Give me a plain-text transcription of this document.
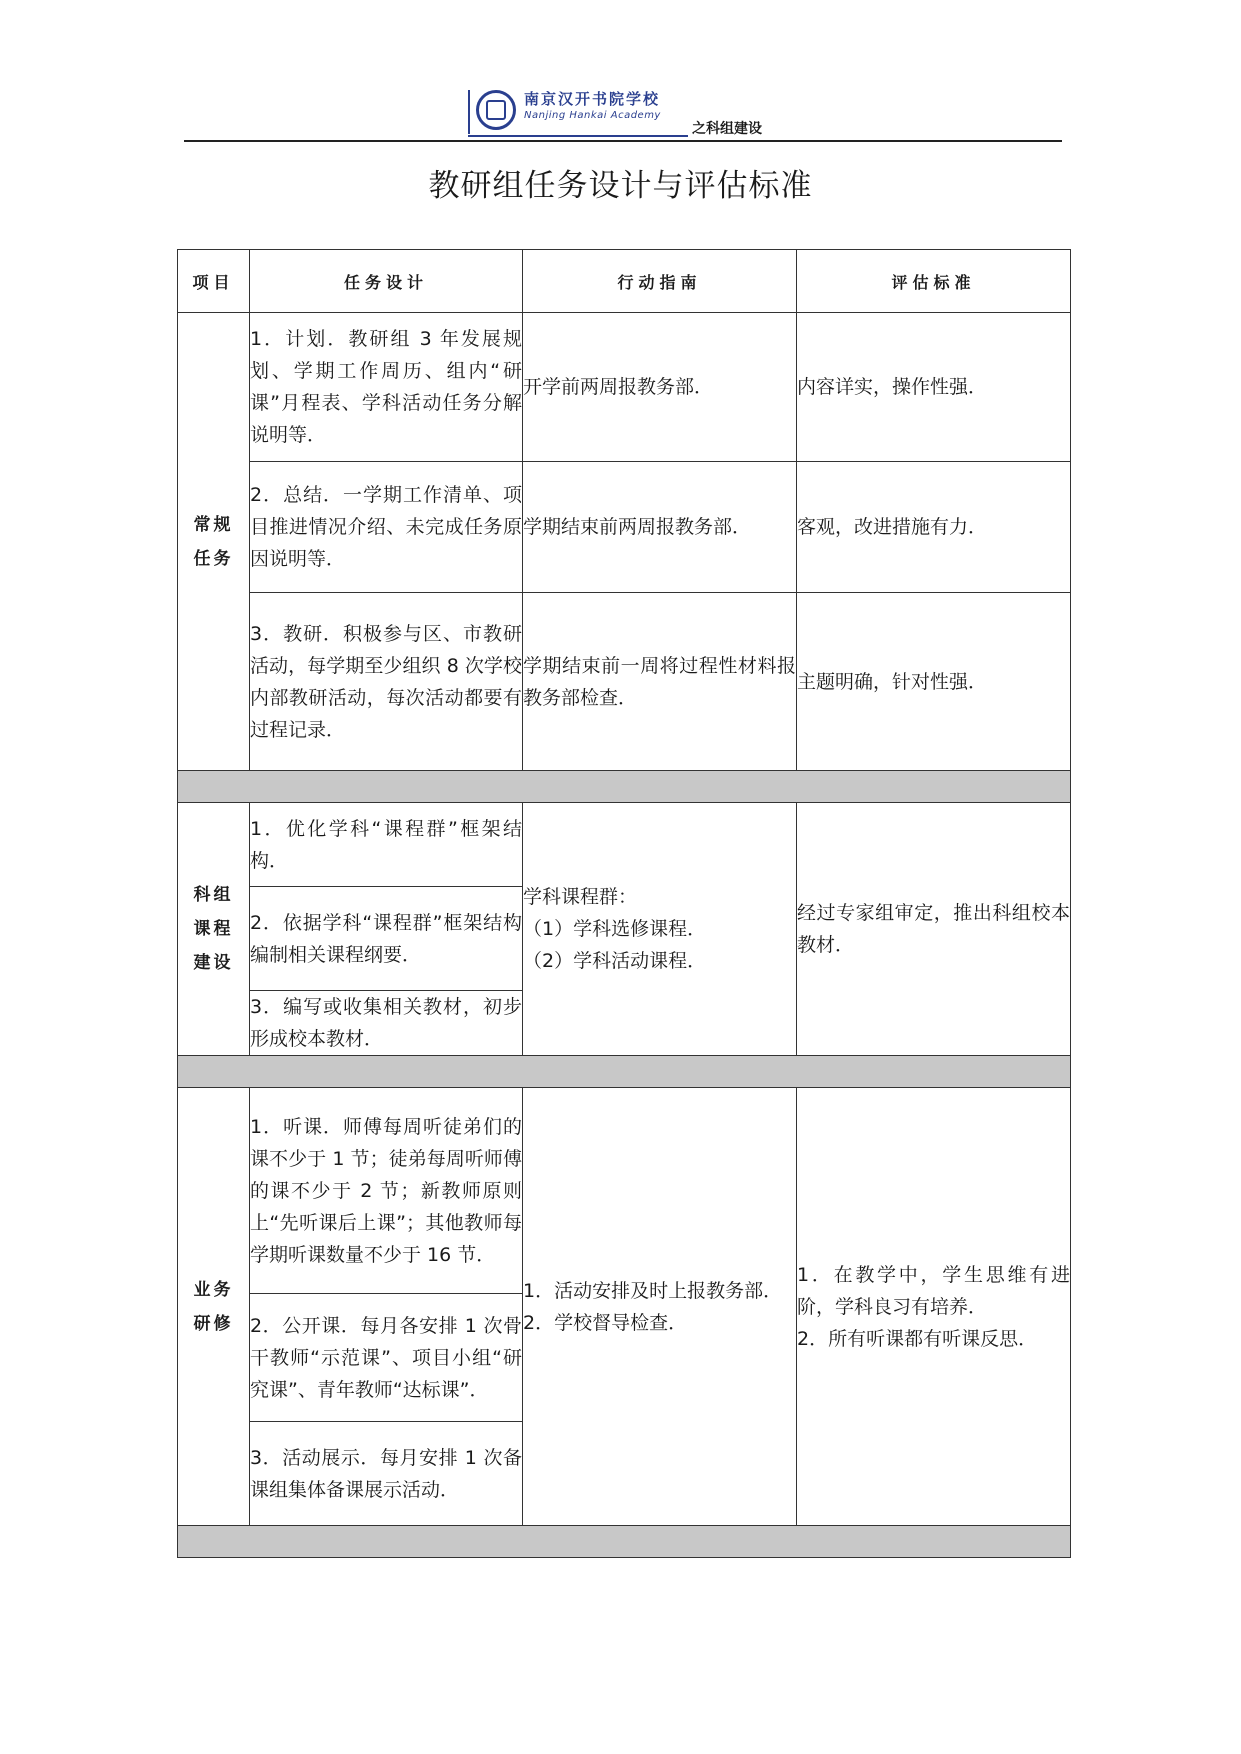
南京汉开书院学校
Nanjing Hankai Academy
之科组建设
教研组任务设计与评估标准
项目	任务设计	行动指南	评估标准

常规
任务	1．计划．教研组 3 年发展规划、学期工作周历、组内“研课”月程表、学科活动任务分解说明等．	开学前两周报教务部．	内容详实，操作性强．
	2．总结．一学期工作清单、项目推进情况介绍、未完成任务原因说明等．	学期结束前两周报教务部．	客观，改进措施有力．
	3．教研．积极参与区、市教研活动，每学期至少组织 8 次学校内部教研活动，每次活动都要有过程记录．	学期结束前一周将过程性材料报教务部检查．	主题明确，针对性强．

科组
课程
建设	1．优化学科“课程群”框架结构．	学科课程群：
（1）学科选修课程．
（2）学科活动课程．	经过专家组审定，推出科组校本教材．
	2．依据学科“课程群”框架结构编制相关课程纲要．		
	3．编写或收集相关教材，初步形成校本教材．		

业务
研修	1．听课．师傅每周听徒弟们的课不少于 1 节；徒弟每周听师傅的课不少于 2 节；新教师原则上“先听课后上课”；其他教师每学期听课数量不少于 16 节．	1．活动安排及时上报教务部．
2．学校督导检查．	1．在教学中，学生思维有进阶，学科良习有培养．
2．所有听课都有听课反思．

	2．公开课．每月各安排 1 次骨干教师“示范课”、项目小组“研究课”、青年教师“达标课”．		
	3．活动展示．每月安排 1 次备课组集体备课展示活动．		
